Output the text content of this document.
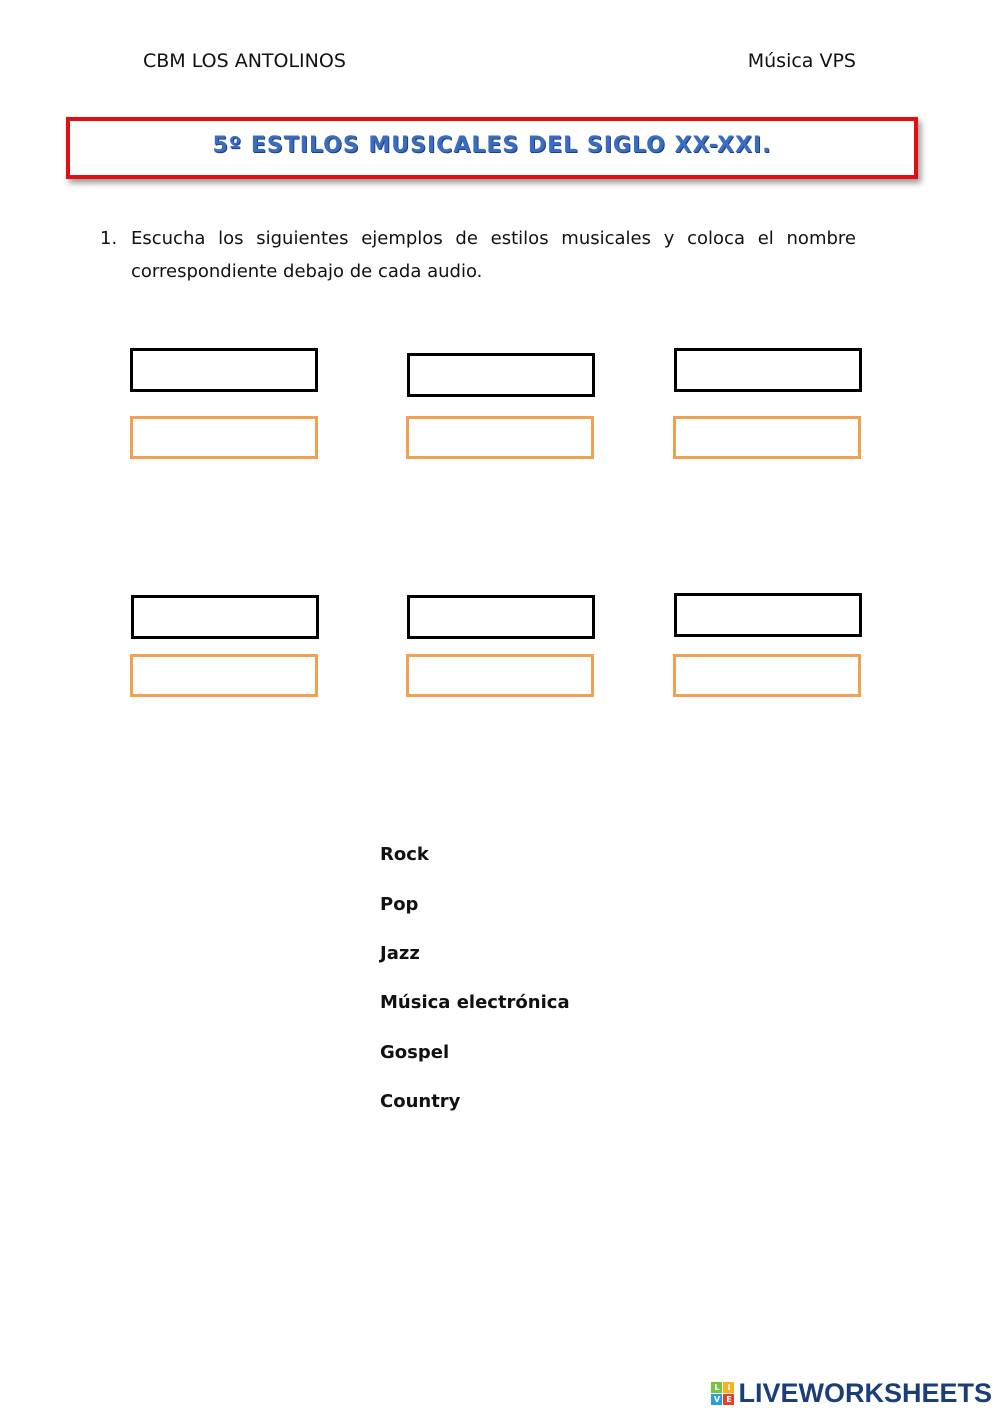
CBM LOS ANTOLINOS	Música VPS
5º ESTILOS MUSICALES DEL SIGLO XX-XXI.
1. Escucha los siguientes ejemplos de estilos musicales y coloca el nombre correspondiente debajo de cada audio.
Rock
Pop
Jazz
Música electrónica
Gospel
Country
L I
V E LIVEWORKSHEETS
